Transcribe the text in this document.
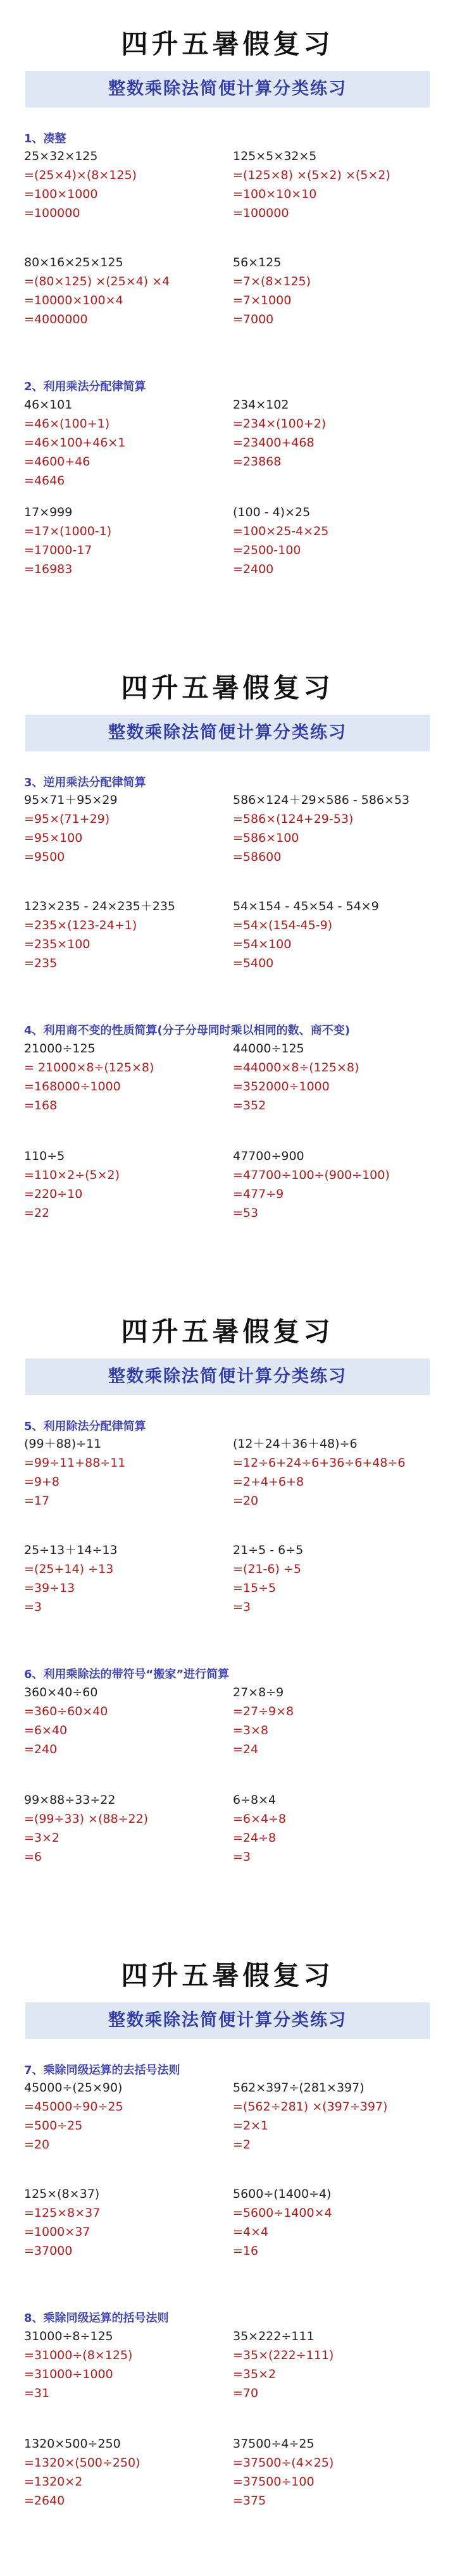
四升五暑假复习
整数乘除法简便计算分类练习
1、凑整
25×32×125
=(25×4)×(8×125)
=100×1000
=100000
125×5×32×5
=(125×8) ×(5×2) ×(5×2)
=100×10×10
=100000
80×16×25×125
=(80×125) ×(25×4) ×4
=10000×100×4
=4000000
56×125
=7×(8×125)
=7×1000
=7000
2、利用乘法分配律简算
46×101
=46×(100+1)
=46×100+46×1
=4600+46
=4646
234×102
=234×(100+2)
=23400+468
=23868
17×999
=17×(1000-1)
=17000-17
=16983
(100 - 4)×25
=100×25-4×25
=2500-100
=2400
四升五暑假复习
整数乘除法简便计算分类练习
3、逆用乘法分配律简算
95×71＋95×29
=95×(71+29)
=95×100
=9500
586×124＋29×586 - 586×53
=586×(124+29-53)
=586×100
=58600
123×235 - 24×235＋235
=235×(123-24+1)
=235×100
=235
54×154 - 45×54 - 54×9
=54×(154-45-9)
=54×100
=5400
4、利用商不变的性质简算(分子分母同时乘以相同的数、商不变)
21000÷125
= 21000×8÷(125×8)
=168000÷1000
=168
44000÷125
=44000×8÷(125×8)
=352000÷1000
=352
110÷5
=110×2÷(5×2)
=220÷10
=22
47700÷900
=47700÷100÷(900÷100)
=477÷9
=53
四升五暑假复习
整数乘除法简便计算分类练习
5、利用除法分配律简算
(99＋88)÷11
=99÷11+88÷11
=9+8
=17
(12＋24＋36＋48)÷6
=12÷6+24÷6+36÷6+48÷6
=2+4+6+8
=20
25÷13＋14÷13
=(25+14) ÷13
=39÷13
=3
21÷5 - 6÷5
=(21-6) ÷5
=15÷5
=3
6、利用乘除法的带符号“搬家”进行简算
360×40÷60
=360÷60×40
=6×40
=240
27×8÷9
=27÷9×8
=3×8
=24
99×88÷33÷22
=(99÷33) ×(88÷22)
=3×2
=6
6÷8×4
=6×4÷8
=24÷8
=3
四升五暑假复习
整数乘除法简便计算分类练习
7、乘除同级运算的去括号法则
45000÷(25×90)
=45000÷90÷25
=500÷25
=20
562×397÷(281×397)
=(562÷281) ×(397÷397)
=2×1
=2
125×(8×37)
=125×8×37
=1000×37
=37000
5600÷(1400÷4)
=5600÷1400×4
=4×4
=16
8、乘除同级运算的括号法则
31000÷8÷125
=31000÷(8×125)
=31000÷1000
=31
35×222÷111
=35×(222÷111)
=35×2
=70
1320×500÷250
=1320×(500÷250)
=1320×2
=2640
37500÷4÷25
=37500÷(4×25)
=37500÷100
=375
